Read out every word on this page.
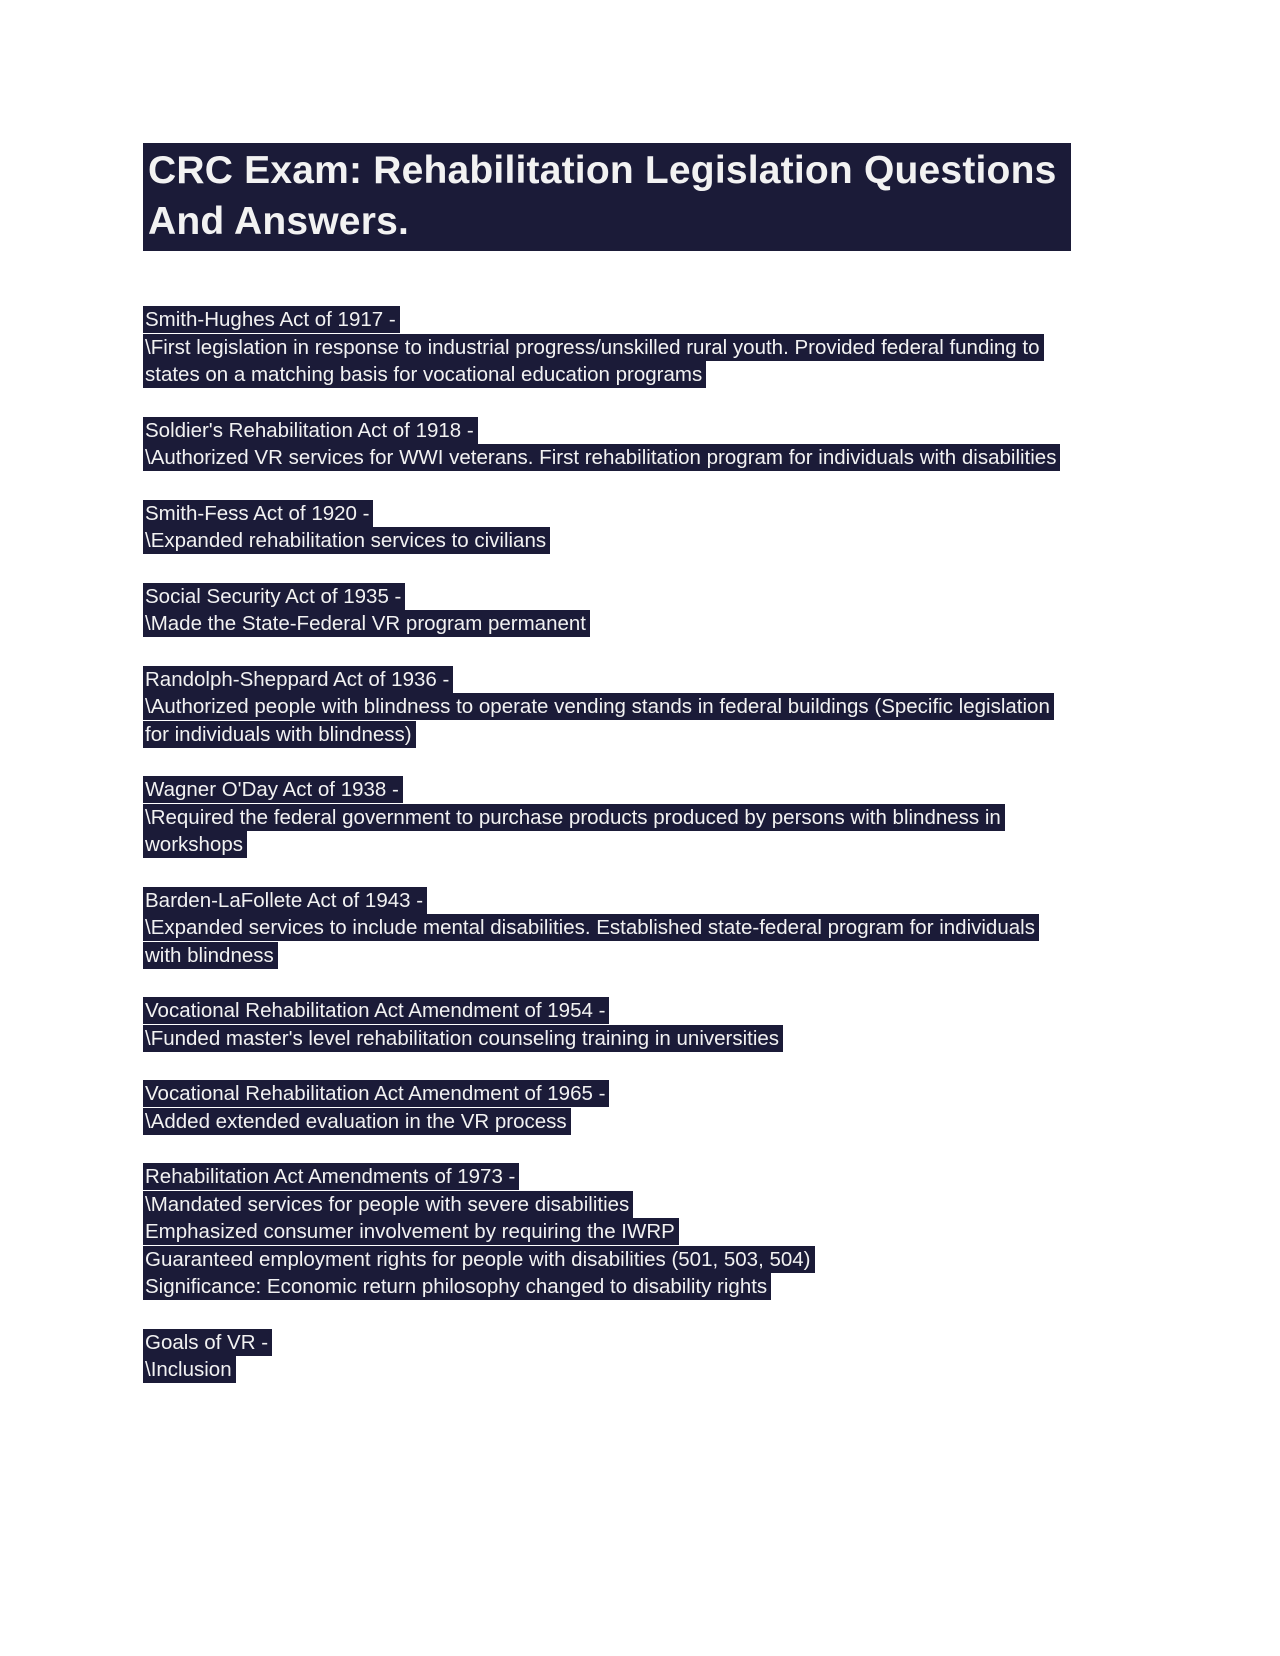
CRC Exam: Rehabilitation Legislation Questions And Answers.
Smith-Hughes Act of 1917 -
\First legislation in response to industrial progress/unskilled rural youth. Provided federal funding to states on a matching basis for vocational education programs
Soldier's Rehabilitation Act of 1918 -
\Authorized VR services for WWI veterans. First rehabilitation program for individuals with disabilities
Smith-Fess Act of 1920 -
\Expanded rehabilitation services to civilians
Social Security Act of 1935 -
\Made the State-Federal VR program permanent
Randolph-Sheppard Act of 1936 -
\Authorized people with blindness to operate vending stands in federal buildings (Specific legislation for individuals with blindness)
Wagner O'Day Act of 1938 -
\Required the federal government to purchase products produced by persons with blindness in workshops
Barden-LaFollete Act of 1943 -
\Expanded services to include mental disabilities. Established state-federal program for individuals with blindness
Vocational Rehabilitation Act Amendment of 1954 -
\Funded master's level rehabilitation counseling training in universities
Vocational Rehabilitation Act Amendment of 1965 -
\Added extended evaluation in the VR process
Rehabilitation Act Amendments of 1973 -
\Mandated services for people with severe disabilities
Emphasized consumer involvement by requiring the IWRP
Guaranteed employment rights for people with disabilities (501, 503, 504)
Significance: Economic return philosophy changed to disability rights
Goals of VR -
\Inclusion
